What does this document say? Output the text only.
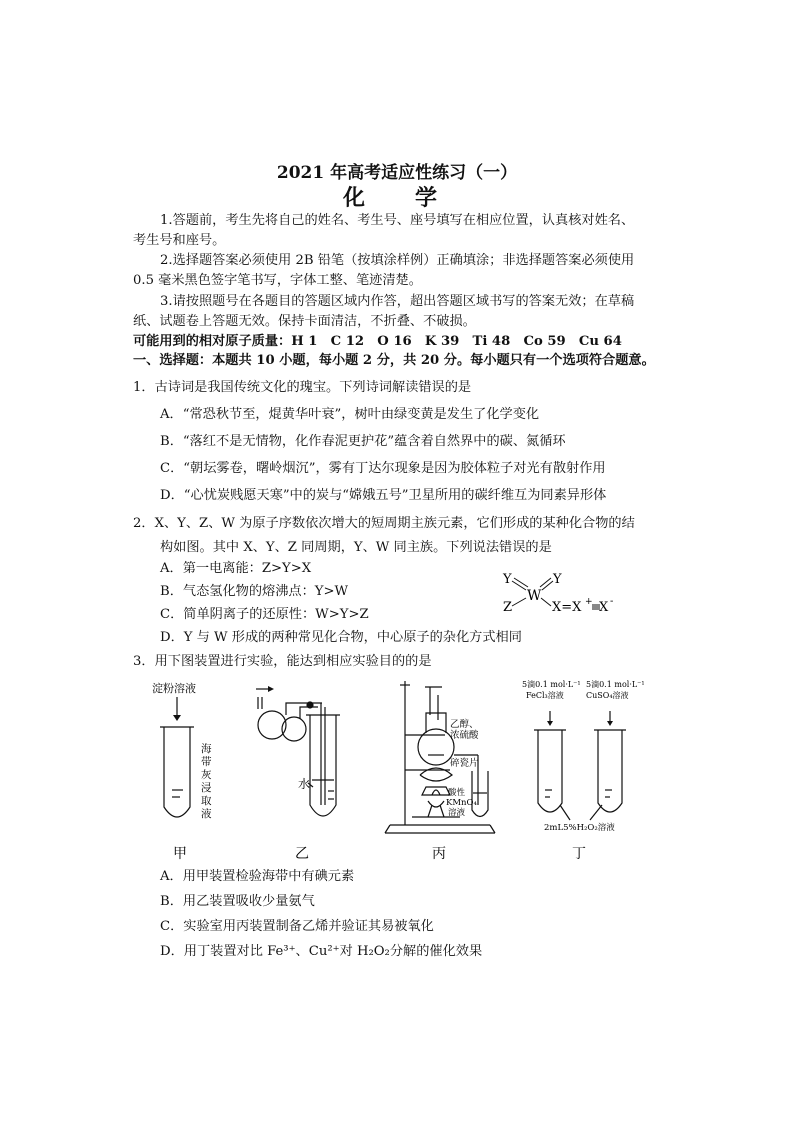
2021 年高考适应性练习（一）
化　学
1.答题前，考生先将自己的姓名、考生号、座号填写在相应位置，认真核对姓名、
考生号和座号。
2.选择题答案必须使用 2B 铅笔（按填涂样例）正确填涂；非选择题答案必须使用
0.5 毫米黑色签字笔书写，字体工整、笔迹清楚。
3.请按照题号在各题目的答题区域内作答，超出答题区域书写的答案无效；在草稿
纸、试题卷上答题无效。保持卡面清洁，不折叠、不破损。
可能用到的相对原子质量：H 1　C 12　O 16　K 39　Ti 48　Co 59　Cu 64
一、选择题：本题共 10 小题，每小题 2 分，共 20 分。每小题只有一个选项符合题意。
1．古诗词是我国传统文化的瑰宝。下列诗词解读错误的是
A．“常恐秋节至，焜黄华叶衰”，树叶由绿变黄是发生了化学变化
B．“落红不是无情物，化作春泥更护花”蕴含着自然界中的碳、氮循环
C．“朝坛雾卷，曙岭烟沉”，雾有丁达尔现象是因为胶体粒子对光有散射作用
D．“心忧炭贱愿天寒”中的炭与“嫦娥五号”卫星所用的碳纤维互为同素异形体
2．X、Y、Z、W 为原子序数依次增大的短周期主族元素，它们形成的某种化合物的结
构如图。其中 X、Y、Z 同周期，Y、W 同主族。下列说法错误的是
A．第一电离能：Z>Y>X
B．气态氢化物的熔沸点：Y>W
C．简单阴离子的还原性：W>Y>Z
D．Y 与 W 形成的两种常见化合物，中心原子的杂化方式相同
Y	Y
W
Z	X=X + X -
3．用下图装置进行实验，能达到相应实验目的的是
淀粉溶液
海
带
灰
浸
取
液
水
乙醇、
浓硫酸
碎瓷片
酸性
KMnO₄
溶液
5滴0.1 mol·L⁻¹
FeCl₃溶液
5滴0.1 mol·L⁻¹
CuSO₄溶液
2mL5%H₂O₂溶液
甲	乙	丙	丁
A．用甲装置检验海带中有碘元素
B．用乙装置吸收少量氨气
C．实验室用丙装置制备乙烯并验证其易被氧化
D．用丁装置对比 Fe³⁺、Cu²⁺对 H₂O₂分解的催化效果
